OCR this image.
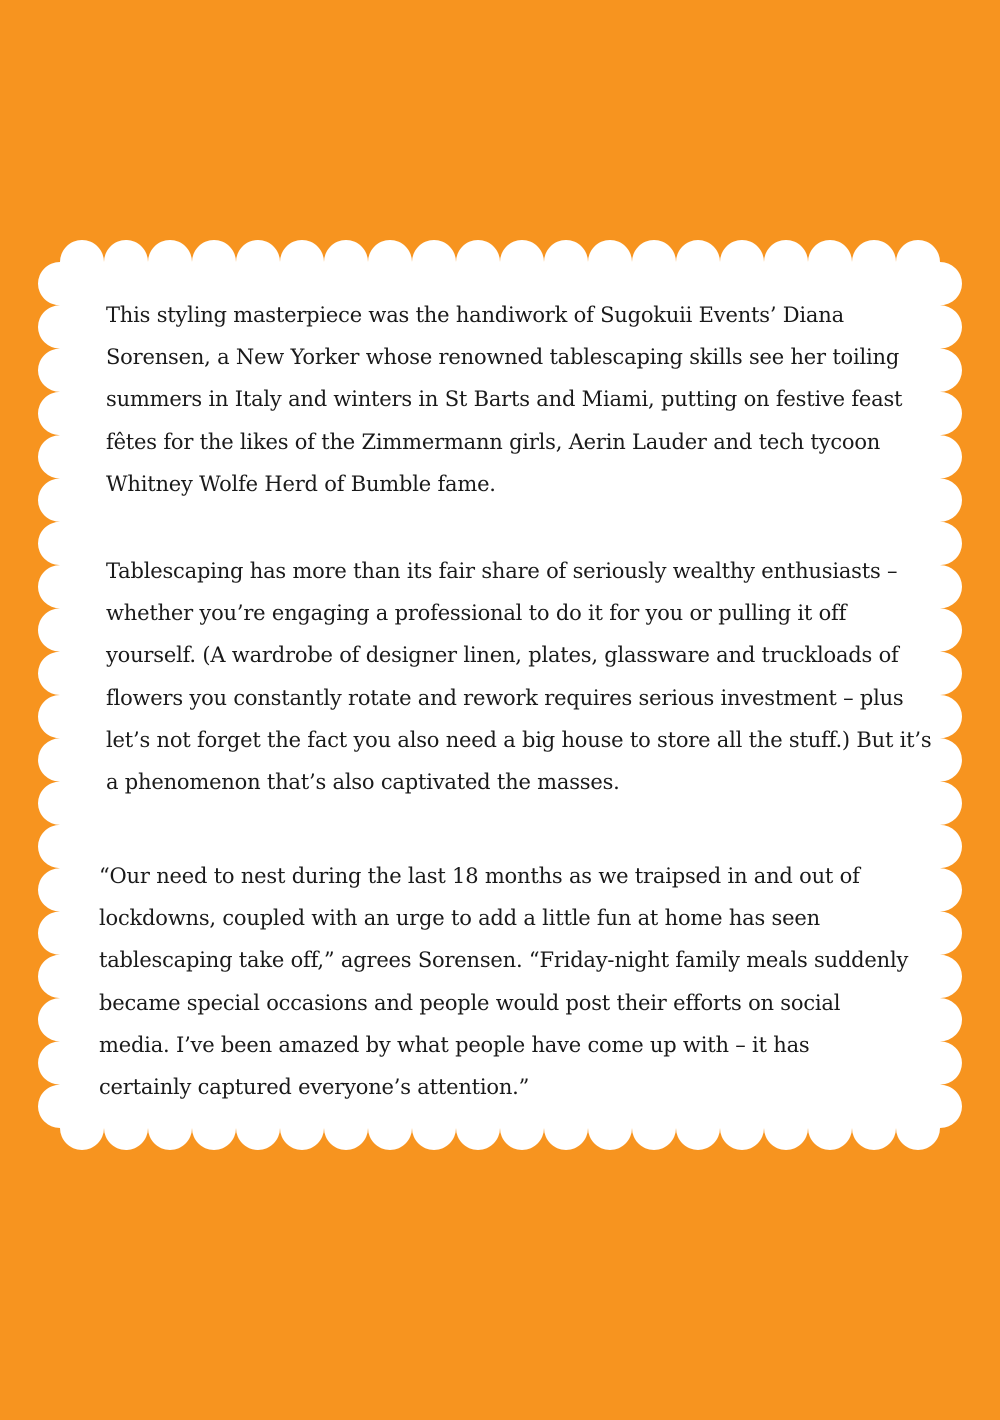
This styling masterpiece was the handiwork of Sugokuii Events’ Diana
Sorensen, a New Yorker whose renowned tablescaping skills see her toiling
summers in Italy and winters in St Barts and Miami, putting on festive feast
fêtes for the likes of the Zimmermann girls, Aerin Lauder and tech tycoon
Whitney Wolfe Herd of Bumble fame.

Tablescaping has more than its fair share of seriously wealthy enthusiasts –
whether you’re engaging a professional to do it for you or pulling it off
yourself. (A wardrobe of designer linen, plates, glassware and truckloads of
flowers you constantly rotate and rework requires serious investment – plus
let’s not forget the fact you also need a big house to store all the stuff.) But it’s
a phenomenon that’s also captivated the masses.

“Our need to nest during the last 18 months as we traipsed in and out of
lockdowns, coupled with an urge to add a little fun at home has seen
tablescaping take off,” agrees Sorensen. “Friday-night family meals suddenly
became special occasions and people would post their efforts on social
media. I’ve been amazed by what people have come up with – it has
certainly captured everyone’s attention.”
